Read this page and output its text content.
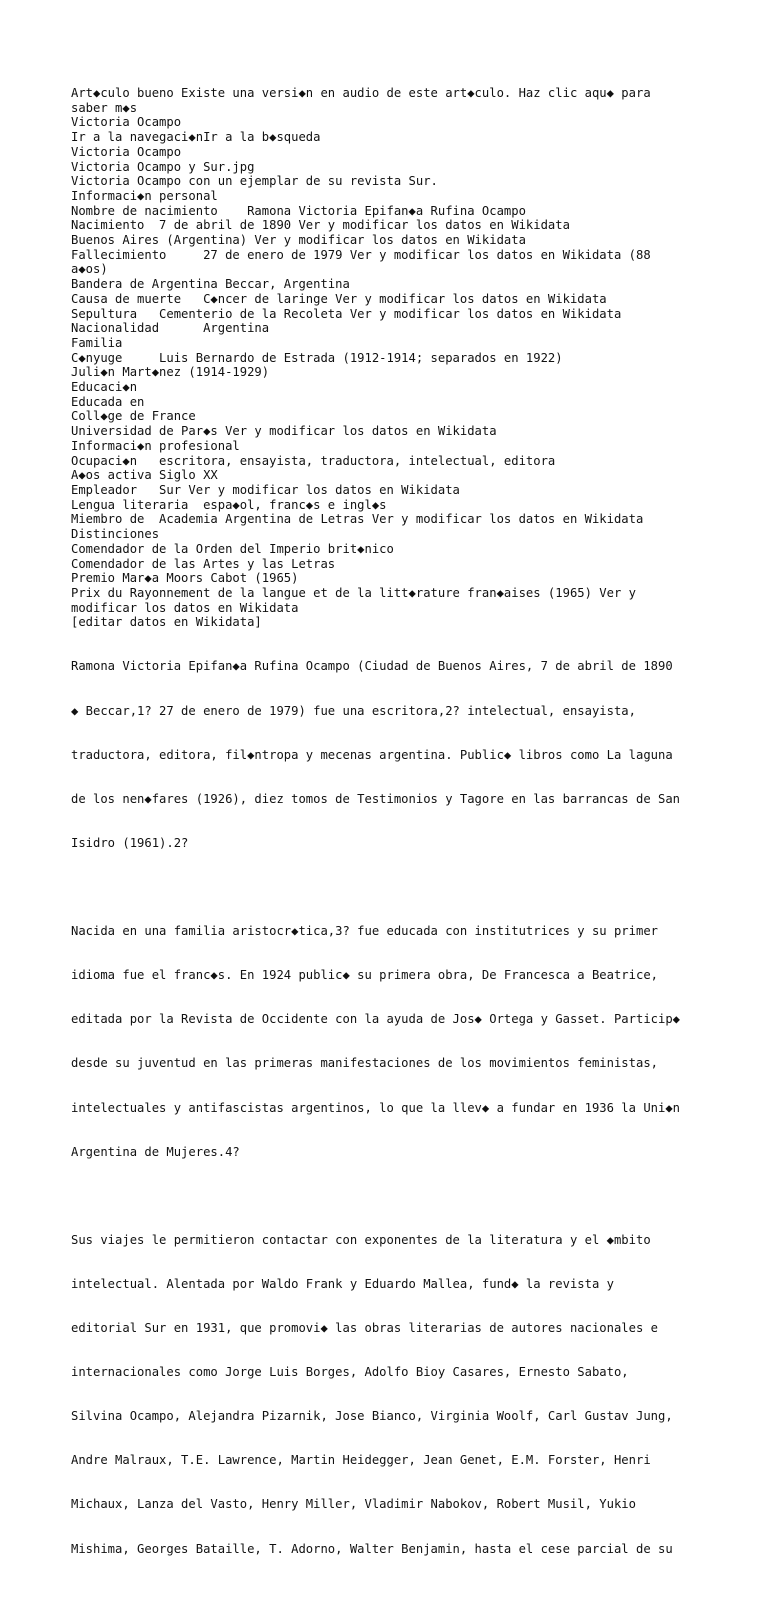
Art◆culo bueno Existe una versi◆n en audio de este art◆culo. Haz clic aqu◆ para
saber m◆s
Victoria Ocampo
Ir a la navegaci◆nIr a la b◆squeda
Victoria Ocampo
Victoria Ocampo y Sur.jpg
Victoria Ocampo con un ejemplar de su revista Sur.
Informaci◆n personal
Nombre de nacimiento    Ramona Victoria Epifan◆a Rufina Ocampo
Nacimiento  7 de abril de 1890 Ver y modificar los datos en Wikidata
Buenos Aires (Argentina) Ver y modificar los datos en Wikidata
Fallecimiento     27 de enero de 1979 Ver y modificar los datos en Wikidata (88
a◆os)
Bandera de Argentina Beccar, Argentina
Causa de muerte   C◆ncer de laringe Ver y modificar los datos en Wikidata
Sepultura   Cementerio de la Recoleta Ver y modificar los datos en Wikidata
Nacionalidad      Argentina
Familia
C◆nyuge     Luis Bernardo de Estrada (1912-1914; separados en 1922)
Juli◆n Mart◆nez (1914-1929)
Educaci◆n
Educada en
Coll◆ge de France
Universidad de Par◆s Ver y modificar los datos en Wikidata
Informaci◆n profesional
Ocupaci◆n   escritora, ensayista, traductora, intelectual, editora
A◆os activa Siglo XX
Empleador   Sur Ver y modificar los datos en Wikidata
Lengua literaria  espa◆ol, franc◆s e ingl◆s
Miembro de  Academia Argentina de Letras Ver y modificar los datos en Wikidata
Distinciones
Comendador de la Orden del Imperio brit◆nico
Comendador de las Artes y las Letras
Premio Mar◆a Moors Cabot (1965)
Prix du Rayonnement de la langue et de la litt◆rature fran◆aises (1965) Ver y
modificar los datos en Wikidata
[editar datos en Wikidata]

Ramona Victoria Epifan◆a Rufina Ocampo (Ciudad de Buenos Aires, 7 de abril de 1890

◆ Beccar,1? 27 de enero de 1979) fue una escritora,2? intelectual, ensayista,

traductora, editora, fil◆ntropa y mecenas argentina. Public◆ libros como La laguna

de los nen◆fares (1926), diez tomos de Testimonios y Tagore en las barrancas de San

Isidro (1961).2?

Nacida en una familia aristocr◆tica,3? fue educada con institutrices y su primer

idioma fue el franc◆s. En 1924 public◆ su primera obra, De Francesca a Beatrice,

editada por la Revista de Occidente con la ayuda de Jos◆ Ortega y Gasset. Particip◆

desde su juventud en las primeras manifestaciones de los movimientos feministas,

intelectuales y antifascistas argentinos, lo que la llev◆ a fundar en 1936 la Uni◆n

Argentina de Mujeres.4?

Sus viajes le permitieron contactar con exponentes de la literatura y el ◆mbito

intelectual. Alentada por Waldo Frank y Eduardo Mallea, fund◆ la revista y

editorial Sur en 1931, que promovi◆ las obras literarias de autores nacionales e

internacionales como Jorge Luis Borges, Adolfo Bioy Casares, Ernesto Sabato,

Silvina Ocampo, Alejandra Pizarnik, Jose Bianco, Virginia Woolf, Carl Gustav Jung,

Andre Malraux, T.E. Lawrence, Martin Heidegger, Jean Genet, E.M. Forster, Henri

Michaux, Lanza del Vasto, Henry Miller, Vladimir Nabokov, Robert Musil, Yukio

Mishima, Georges Bataille, T. Adorno, Walter Benjamin, hasta el cese parcial de su
